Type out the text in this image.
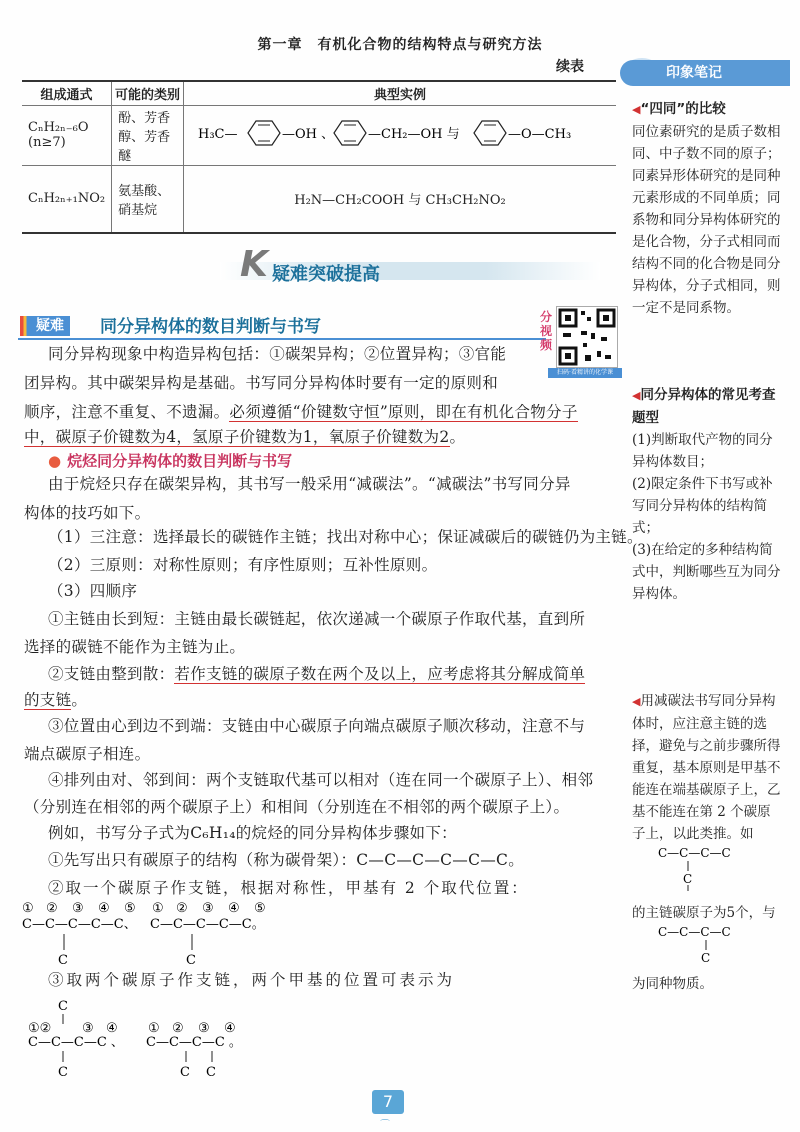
第一章　有机化合物的结构特点与研究方法
续表
组成通式	可能的类别	典型实例
CₙH₂ₙ₋₆O (n≥7)	酚、芳香醇、芳香醚	H₃C— —OH 、 —CH₂—OH 与 —O—CH₃

CₙH₂ₙ₊₁NO₂	氨基酸、硝基烷	H₂N—CH₂COOH 与 CH₃CH₂NO₂
K 疑难突破提高
疑难	同分异构体的数目判断与书写	分视频
扫码·看精讲的化学课
同分异构现象中构造异构包括：①碳架异构；②位置异构；③官能
团异构。其中碳架异构是基础。书写同分异构体时要有一定的原则和
顺序，注意不重复、不遗漏。必须遵循“价键数守恒”原则，即在有机化合物分子
中，碳原子价键数为4，氢原子价键数为1，氧原子价键数为2。
● 烷烃同分异构体的数目判断与书写
由于烷烃只存在碳架异构，其书写一般采用“减碳法”。“减碳法”书写同分异
构体的技巧如下。
（1）三注意：选择最长的碳链作主链；找出对称中心；保证减碳后的碳链仍为主链。
（2）三原则：对称性原则；有序性原则；互补性原则。
（3）四顺序
①主链由长到短：主链由最长碳链起，依次递减一个碳原子作取代基，直到所
选择的碳链不能作为主链为止。
②支链由整到散：若作支链的碳原子数在两个及以上，应考虑将其分解成简单
的支链。
③位置由心到边不到端：支链由中心碳原子向端点碳原子顺次移动，注意不与
端点碳原子相连。
④排列由对、邻到间：两个支链取代基可以相对（连在同一个碳原子上）、相邻
（分别连在相邻的两个碳原子上）和相间（分别连在不相邻的两个碳原子上）。
例如，书写分子式为C₆H₁₄的烷烃的同分异构体步骤如下：
①先写出只有碳原子的结构（称为碳骨架）：C—C—C—C—C—C。
②取一个碳原子作支链，根据对称性，甲基有 2 个取代位置：
① ② ③ ④ ⑤
C—C—C—C—C、
C
① ② ③ ④ ⑤
C—C—C—C—C。
C
③取两个碳原子作支链，两个甲基的位置可表示为
C
①② ③ ④
C—C—C—C 、
C
① ② ③ ④
C—C—C—C 。
C C
印象笔记
◀“四同”的比较
同位素研究的是质子数相同、中子数不同的原子；同素异形体研究的是同种元素形成的不同单质；同系物和同分异构体研究的是化合物，分子式相同而结构不同的化合物是同分异构体，分子式相同，则一定不是同系物。
◀同分异构体的常见考查题型
(1)判断取代产物的同分异构体数目；
(2)限定条件下书写或补写同分异构体的结构简式；
(3)在给定的多种结构简式中，判断哪些互为同分异构体。
◀用减碳法书写同分异构体时，应注意主链的选择，避免与之前步骤所得重复，基本原则是甲基不能连在端基碳原子上，乙基不能连在第 2 个碳原子上，以此类推。如
C—C—C—C
C
的主链碳原子为5个，与
C—C—C—C
C
为同种物质。
7
⌒
